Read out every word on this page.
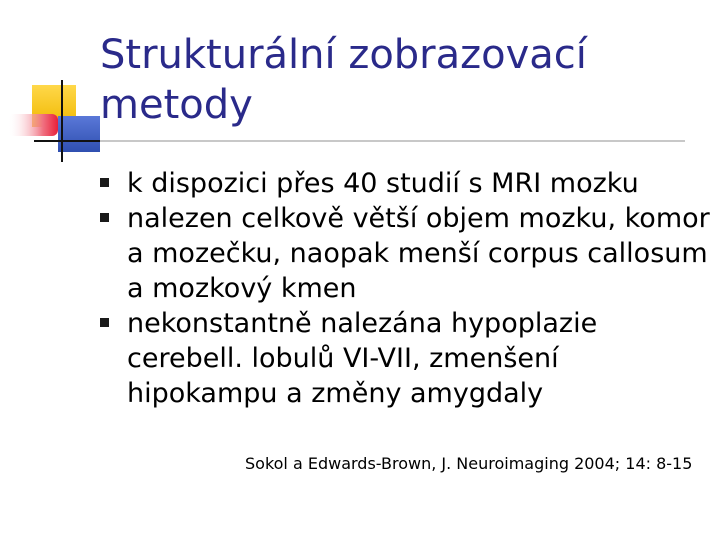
Strukturální zobrazovací
metody
k dispozici přes 40 studií s MRI mozku
nalezen celkově větší objem mozku, komor a mozečku, naopak menší corpus callosum a mozkový kmen
nekonstantně nalezána hypoplazie cerebell. lobulů VI-VII, zmenšení hipokampu a změny amygdaly
Sokol a Edwards-Brown, J. Neuroimaging 2004; 14: 8-15
